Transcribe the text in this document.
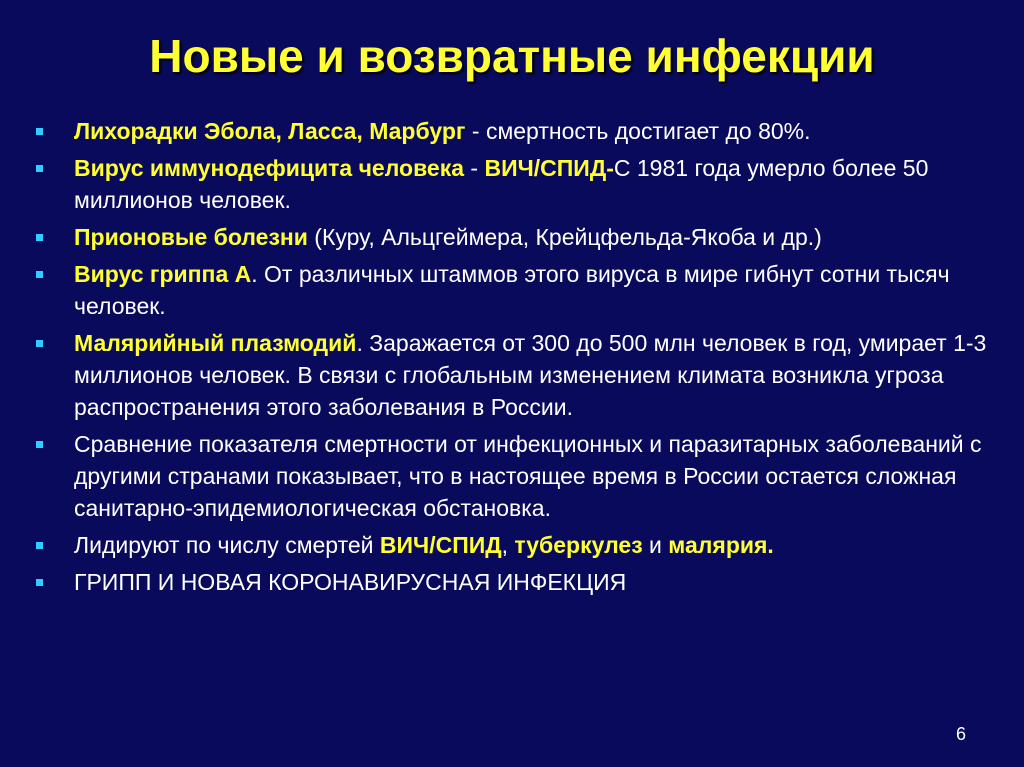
Новые и возвратные инфекции
Лихорадки Эбола, Ласса, Марбург - смертность достигает до 80%.
Вирус иммунодефицита человека - ВИЧ/СПИД-С 1981 года умерло более 50 миллионов человек.
Прионовые болезни (Куру, Альцгеймера, Крейцфельда-Якоба и др.)
Вирус гриппа А. От различных штаммов этого вируса в мире гибнут сотни тысяч человек.
Малярийный плазмодий. Заражается от 300 до 500 млн человек в год, умирает 1-3 миллионов человек. В связи с глобальным изменением климата возникла угроза распространения этого заболевания в России.
Сравнение показателя смертности от инфекционных и паразитарных заболеваний с другими странами показывает, что в настоящее время в России остается сложная санитарно-эпидемиологическая обстановка.
Лидируют по числу смертей ВИЧ/СПИД, туберкулез и малярия.
ГРИПП И НОВАЯ КОРОНАВИРУСНАЯ ИНФЕКЦИЯ
6
